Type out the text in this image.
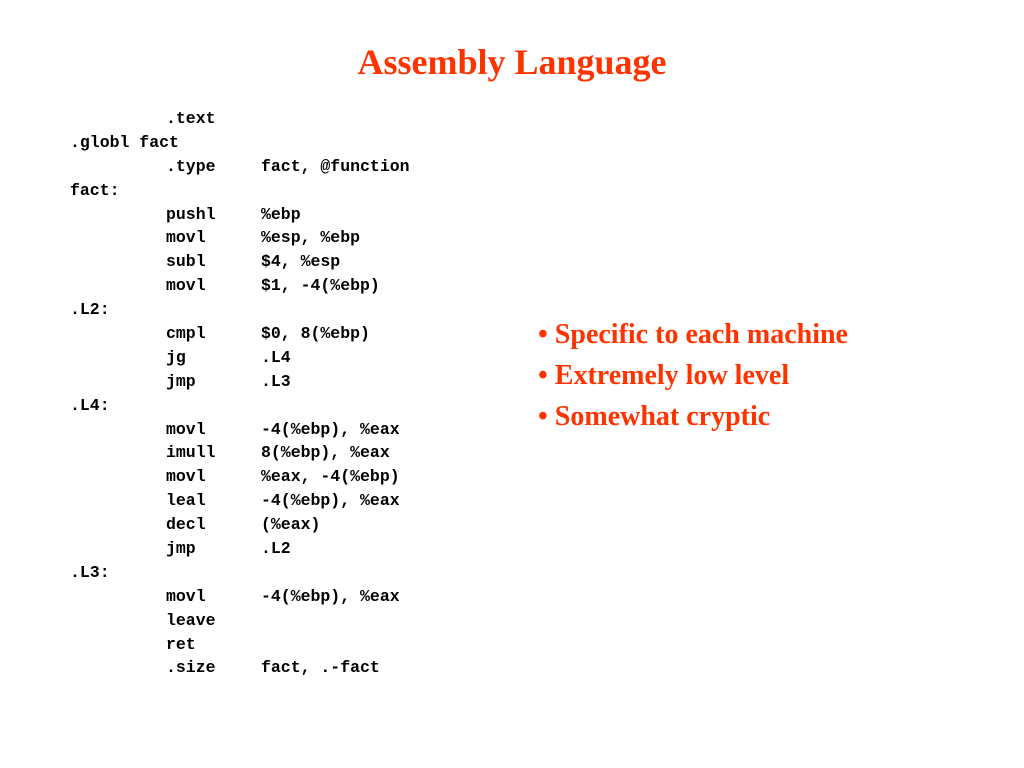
Assembly Language
.text
.globl fact
.type	fact, @function
fact:
pushl	%ebp
movl	%esp, %ebp
subl	$4, %esp
movl	$1, -4(%ebp)
.L2:
cmpl	$0, 8(%ebp)
jg	.L4
jmp	.L3
.L4:
movl	-4(%ebp), %eax
imull	8(%ebp), %eax
movl	%eax, -4(%ebp)
leal	-4(%ebp), %eax
decl	(%eax)
jmp	.L2
.L3:
movl	-4(%ebp), %eax
leave
ret
.size	fact, .-fact
• Specific to each machine
• Extremely low level
• Somewhat cryptic
